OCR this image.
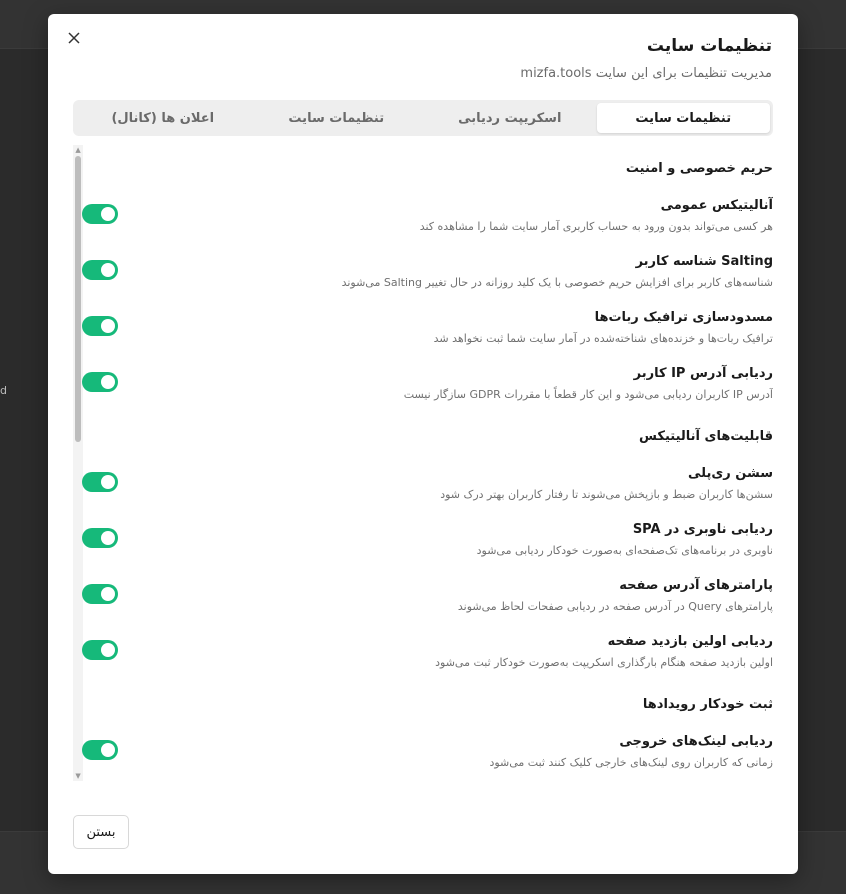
d
تنظیمات سایت
مدیریت تنظیمات برای این سایت mizfa.tools
تنظیمات سایت
اسکریپت ردیابی
تنظیمات سایت
اعلان ها (کانال)
▲
▼
حریم خصوصی و امنیت
آنالیتیکس عمومی
هر کسی می‌تواند بدون ورود به حساب کاربری آمار سایت شما را مشاهده کند
Salting شناسه کاربر
شناسه‌های کاربر برای افزایش حریم خصوصی با یک کلید روزانه در حال تغییر Salting می‌شوند
مسدودسازی ترافیک ربات‌ها
ترافیک ربات‌ها و خزنده‌های شناخته‌شده در آمار سایت شما ثبت نخواهد شد
ردیابی آدرس IP کاربر
آدرس IP کاربران ردیابی می‌شود و این کار قطعاً با مقررات GDPR سازگار نیست
قابلیت‌های آنالیتیکس
سشن ری‌پلی
سشن‌ها کاربران ضبط و بازپخش می‌شوند تا رفتار کاربران بهتر درک شود
ردیابی ناوبری در SPA
ناوبری در برنامه‌های تک‌صفحه‌ای به‌صورت خودکار ردیابی می‌شود
پارامترهای آدرس صفحه
پارامترهای Query در آدرس صفحه در ردیابی صفحات لحاظ می‌شوند
ردیابی اولین بازدید صفحه
اولین بازدید صفحه هنگام بارگذاری اسکریپت به‌صورت خودکار ثبت می‌شود
ثبت خودکار رویدادها
ردیابی لینک‌های خروجی
زمانی که کاربران روی لینک‌های خارجی کلیک کنند ثبت می‌شود
بستن
